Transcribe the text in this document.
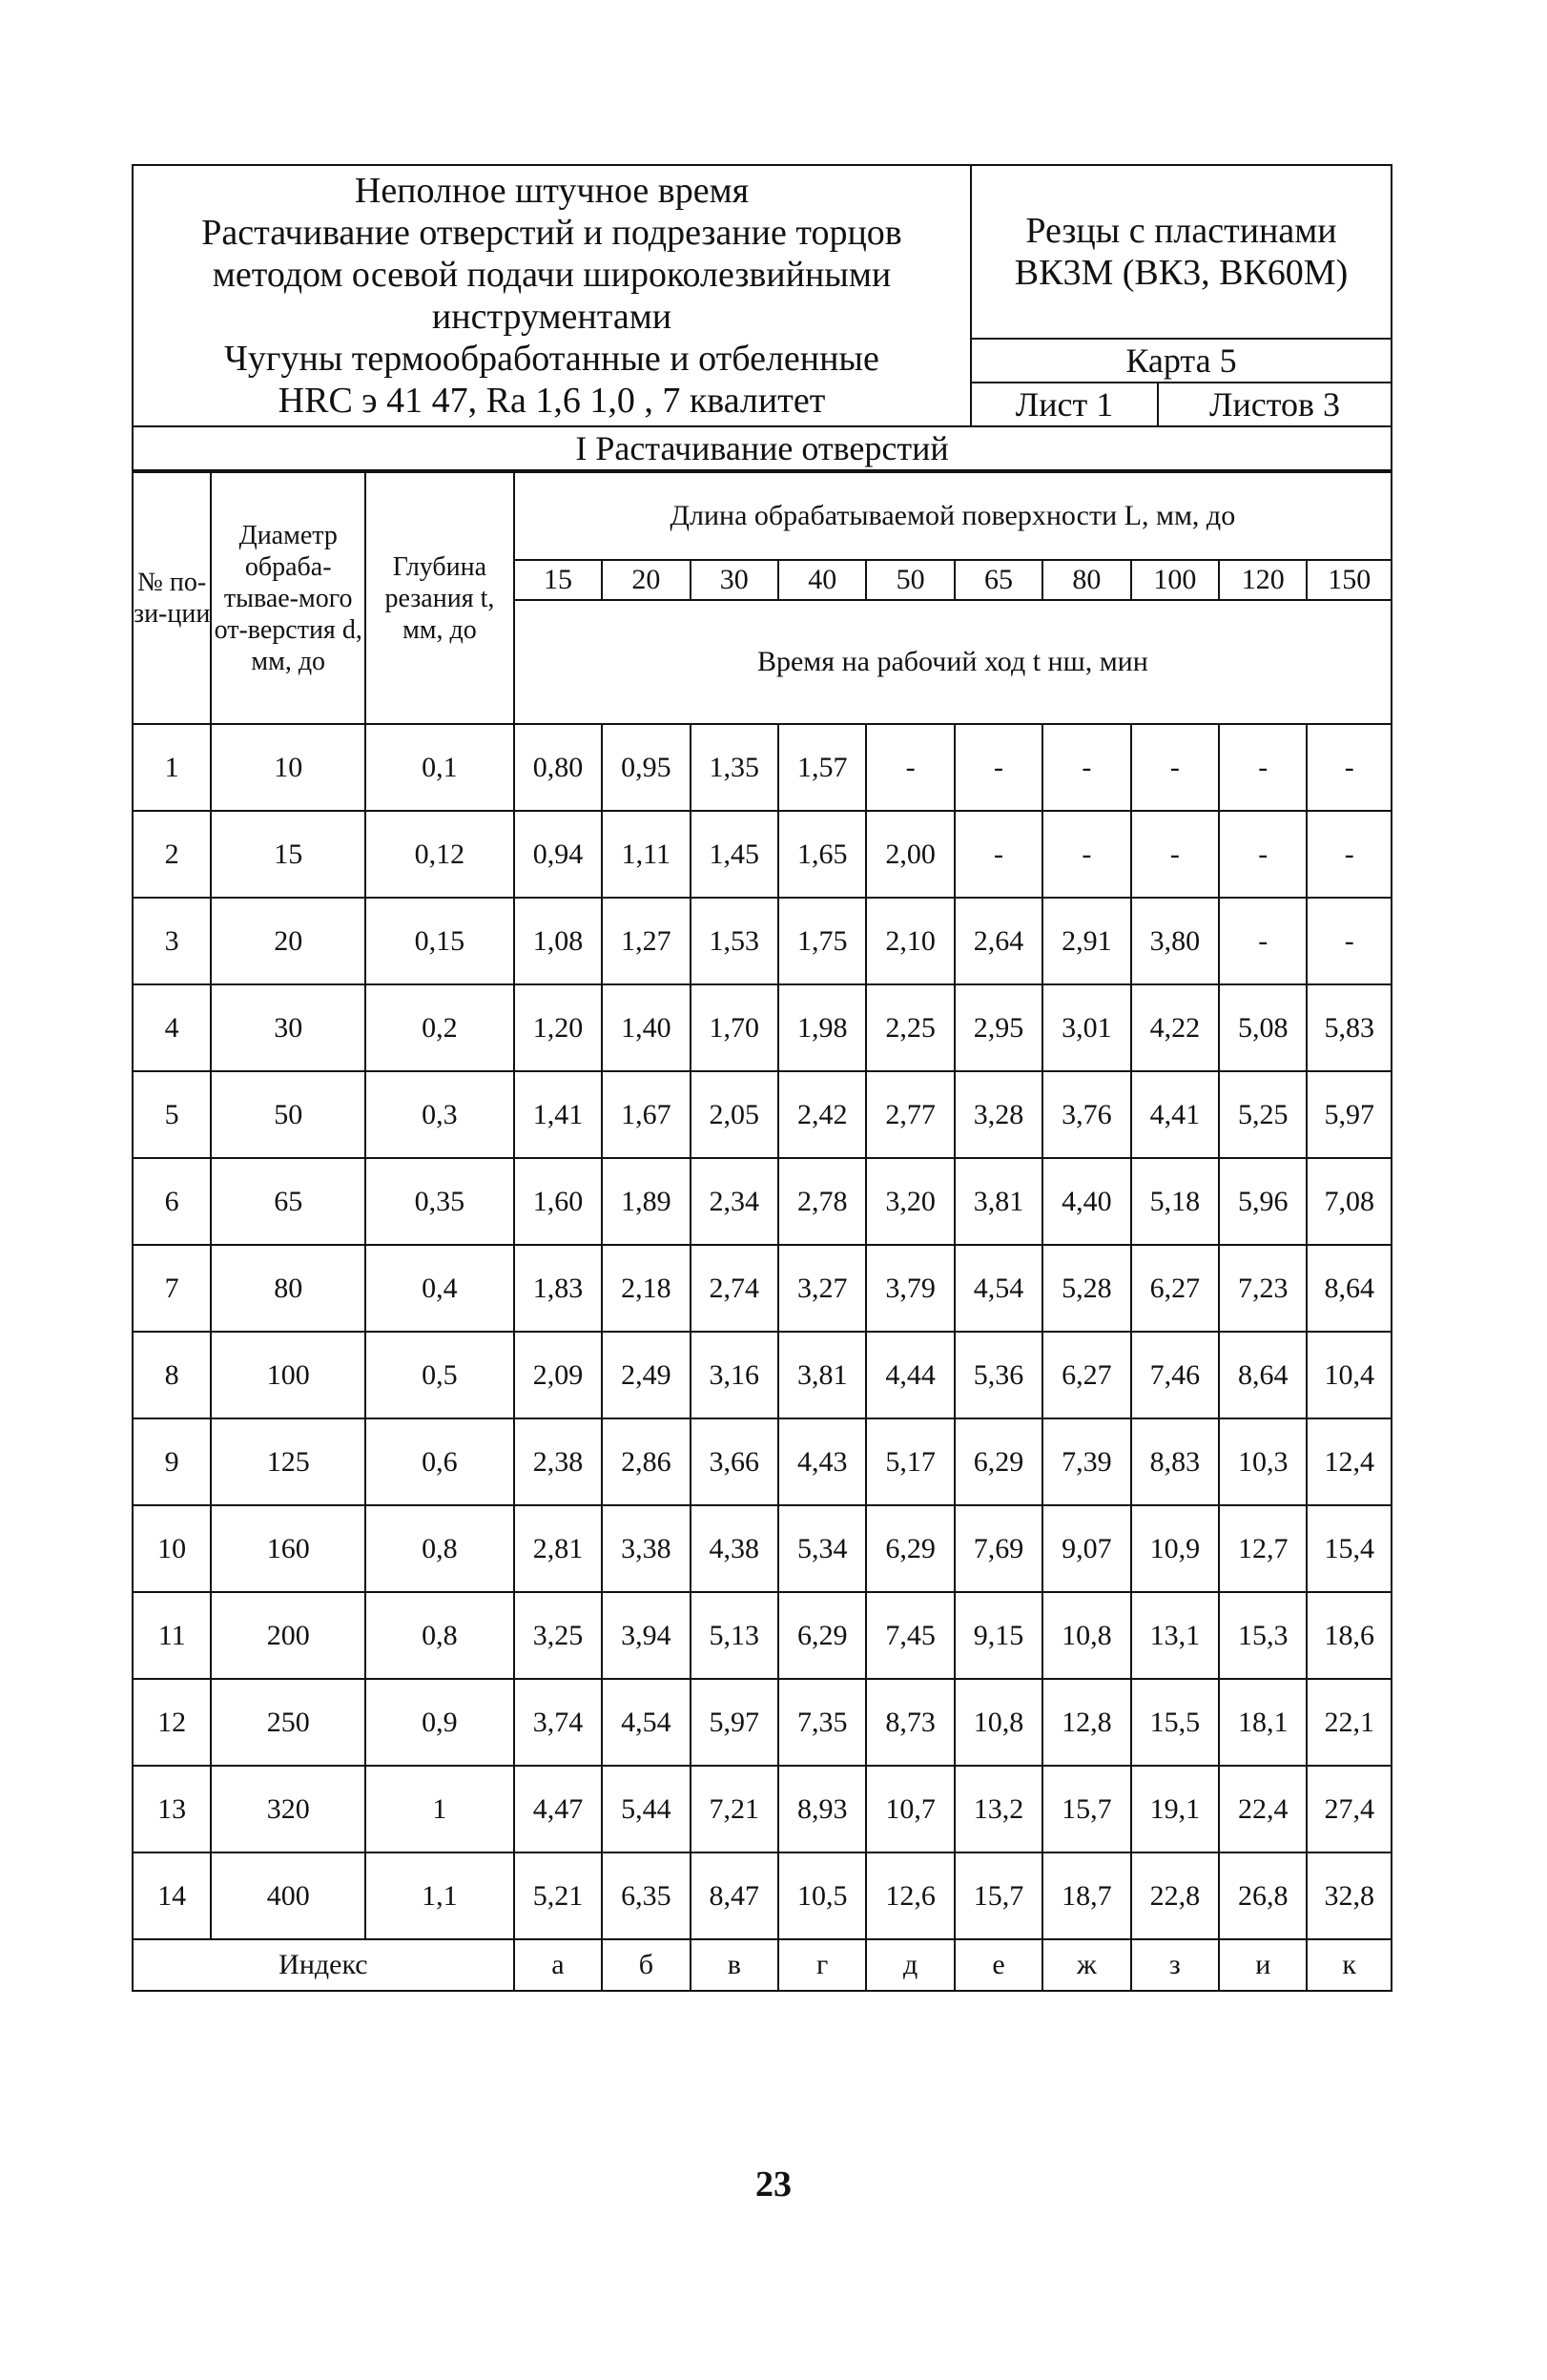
Неполное штучное время
Растачивание отверстий и подрезание торцов
методом осевой подачи широколезвийными
инструментами
Чугуны термообработанные и отбеленные
HRC э 41 47, Ra 1,6 1,0 , 7 квалитет
Резцы с пластинами
ВК3М (ВК3, ВК60М)
Карта 5
Лист 1	Листов 3
I Растачивание отверстий
№ по-зи-ции	Диаметр обраба-тывае-мого от-верстия d, мм, до	Глубина резания t, мм, до	Длина обрабатываемой поверхности L, мм, до									
			15	20	30	40	50	65	80	100	120	150
			Время на рабочий ход t нш, мин									
1	10	0,1	0,80	0,95	1,35	1,57	-	-	-	-	-	-
2	15	0,12	0,94	1,11	1,45	1,65	2,00	-	-	-	-	-
3	20	0,15	1,08	1,27	1,53	1,75	2,10	2,64	2,91	3,80	-	-
4	30	0,2	1,20	1,40	1,70	1,98	2,25	2,95	3,01	4,22	5,08	5,83
5	50	0,3	1,41	1,67	2,05	2,42	2,77	3,28	3,76	4,41	5,25	5,97
6	65	0,35	1,60	1,89	2,34	2,78	3,20	3,81	4,40	5,18	5,96	7,08
7	80	0,4	1,83	2,18	2,74	3,27	3,79	4,54	5,28	6,27	7,23	8,64
8	100	0,5	2,09	2,49	3,16	3,81	4,44	5,36	6,27	7,46	8,64	10,4
9	125	0,6	2,38	2,86	3,66	4,43	5,17	6,29	7,39	8,83	10,3	12,4
10	160	0,8	2,81	3,38	4,38	5,34	6,29	7,69	9,07	10,9	12,7	15,4
11	200	0,8	3,25	3,94	5,13	6,29	7,45	9,15	10,8	13,1	15,3	18,6
12	250	0,9	3,74	4,54	5,97	7,35	8,73	10,8	12,8	15,5	18,1	22,1
13	320	1	4,47	5,44	7,21	8,93	10,7	13,2	15,7	19,1	22,4	27,4
14	400	1,1	5,21	6,35	8,47	10,5	12,6	15,7	18,7	22,8	26,8	32,8
Индекс			а	б	в	г	д	е	ж	з	и	к
23
